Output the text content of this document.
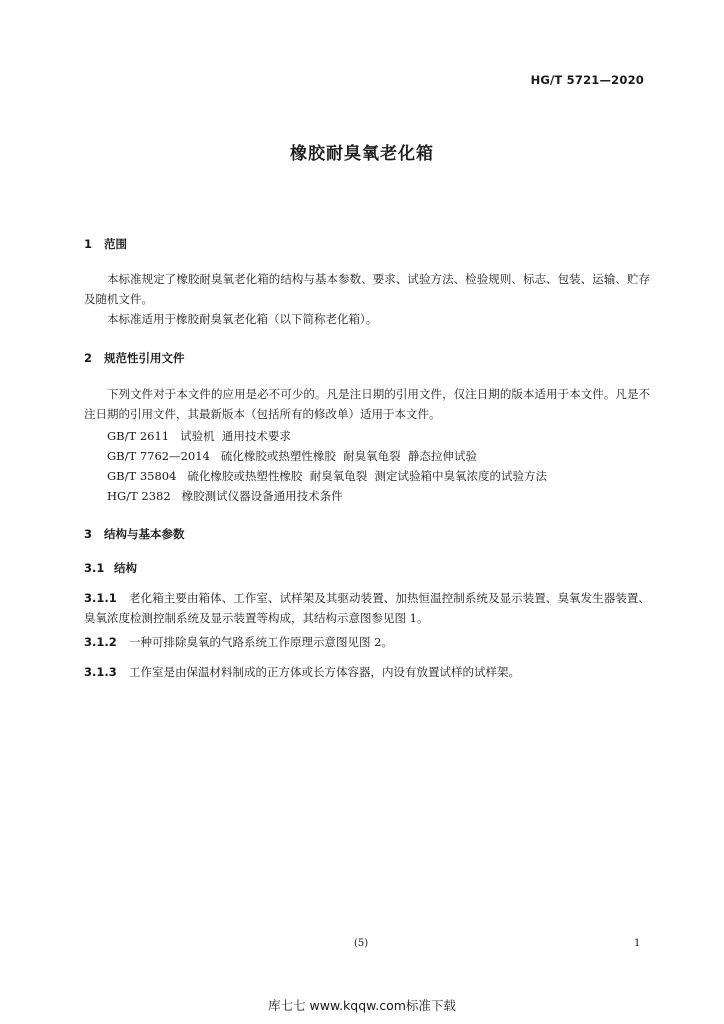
HG/T 5721—2020
橡胶耐臭氧老化箱
1 范围
本标准规定了橡胶耐臭氧老化箱的结构与基本参数、要求、试验方法、检验规则、标志、包装、运输、贮存及随机文件。
本标准适用于橡胶耐臭氧老化箱（以下简称老化箱）。
2 规范性引用文件
下列文件对于本文件的应用是必不可少的。凡是注日期的引用文件，仅注日期的版本适用于本文件。凡是不注日期的引用文件，其最新版本（包括所有的修改单）适用于本文件。
GB/T 2611   试验机  通用技术要求
GB/T 7762—2014   硫化橡胶或热塑性橡胶  耐臭氧龟裂  静态拉伸试验
GB/T 35804   硫化橡胶或热塑性橡胶  耐臭氧龟裂  测定试验箱中臭氧浓度的试验方法
HG/T 2382   橡胶测试仪器设备通用技术条件
3 结构与基本参数
3.1 结构
3.1.1 老化箱主要由箱体、工作室、试样架及其驱动装置、加热恒温控制系统及显示装置、臭氧发生器装置、臭氧浓度检测控制系统及显示装置等构成，其结构示意图参见图 1。
3.1.2 一种可排除臭氧的气路系统工作原理示意图见图 2。
3.1.3 工作室是由保温材料制成的正方体或长方体容器，内设有放置试样的试样架。
(5)	1
库七七 www.kqqw.com标准下载
